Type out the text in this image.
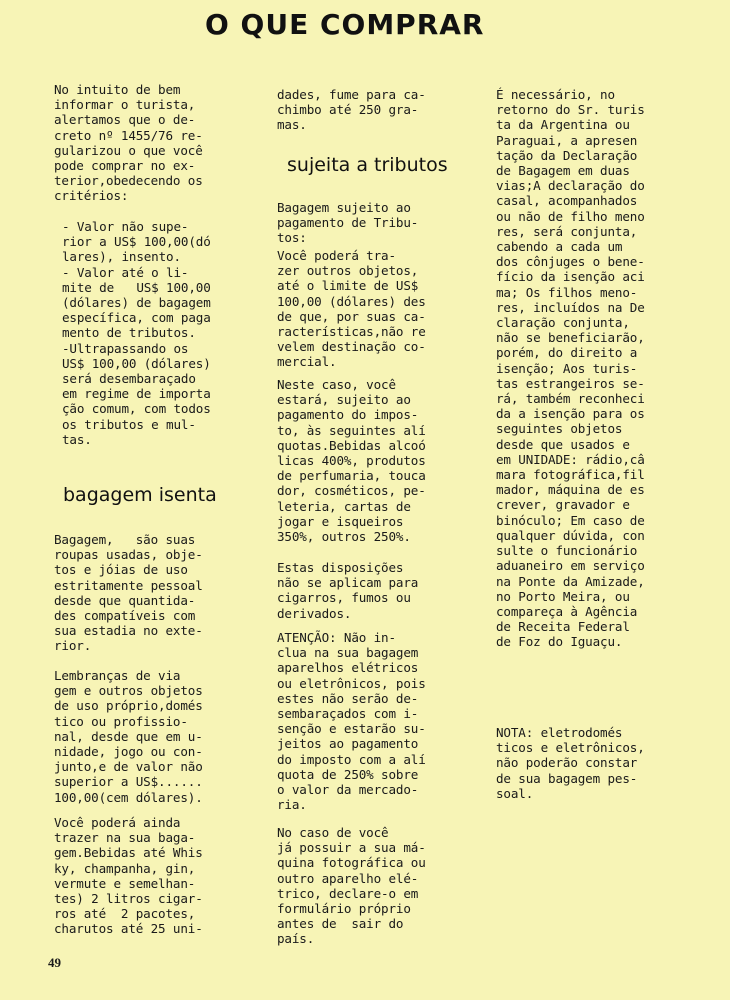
O QUE COMPRAR

No intuito de bem
informar o turista,
alertamos que o de-
creto nº 1455/76 re-
gularizou o que você
pode comprar no ex-
terior,obedecendo os
critérios:

- Valor não supe-
rior a US$ 100,00(dó
lares), insento.
- Valor até o li-
mite de   US$ 100,00
(dólares) de bagagem
específica, com paga
mento de tributos.
-Ultrapassando os
US$ 100,00 (dólares)
será desembaraçado
em regime de importa
ção comum, com todos
os tributos e mul-
tas.

Bagagem,   são suas
roupas usadas, obje-
tos e jóias de uso
estritamente pessoal
desde que quantida-
des compatíveis com
sua estadia no exte-
rior.

Lembranças de via
gem e outros objetos
de uso próprio,domés
tico ou profissio-
nal, desde que em u-
nidade, jogo ou con-
junto,e de valor não
superior a US$......
100,00(cem dólares).

Você poderá ainda
trazer na sua baga-
gem.Bebidas até Whis
ky, champanha, gin,
vermute e semelhan-
tes) 2 litros cigar-
ros até  2 pacotes,
charutos até 25 uni-

bagagem isenta

dades, fume para ca-
chimbo até 250 gra-
mas.

Bagagem sujeito ao
pagamento de Tribu-
tos:

Você poderá tra-
zer outros objetos,
até o limite de US$
100,00 (dólares) des
de que, por suas ca-
racterísticas,não re
velem destinação co-
mercial.

Neste caso, você
estará, sujeito ao
pagamento do impos-
to, às seguintes alí
quotas.Bebidas alcoó
licas 400%, produtos
de perfumaria, touca
dor, cosméticos, pe-
leteria, cartas de
jogar e isqueiros
350%, outros 250%.

Estas disposições
não se aplicam para
cigarros, fumos ou
derivados.

ATENÇÃO: Não in-
clua na sua bagagem
aparelhos elétricos
ou eletrônicos, pois
estes não serão de-
sembaraçados com i-
senção e estarão su-
jeitos ao pagamento
do imposto com a alí
quota de 250% sobre
o valor da mercado-
ria.

No caso de você
já possuir a sua má-
quina fotográfica ou
outro aparelho elé-
trico, declare-o em
formulário próprio
antes de  sair do
país.

sujeita a tributos

É necessário, no
retorno do Sr. turis
ta da Argentina ou
Paraguai, a apresen
tação da Declaração
de Bagagem em duas
vias;A declaração do
casal, acompanhados
ou não de filho meno
res, será conjunta,
cabendo a cada um
dos cônjuges o bene-
fício da isenção aci
ma; Os filhos meno-
res, incluídos na De
claração conjunta,
não se beneficiarão,
porém, do direito a
isenção; Aos turis-
tas estrangeiros se-
rá, também reconheci
da a isenção para os
seguintes objetos
desde que usados e
em UNIDADE: rádio,câ
mara fotográfica,fil
mador, máquina de es
crever, gravador e
binóculo; Em caso de
qualquer dúvida, con
sulte o funcionário
aduaneiro em serviço
na Ponte da Amizade,
no Porto Meira, ou
compareça à Agência
de Receita Federal
de Foz do Iguaçu.

NOTA: eletrodomés
ticos e eletrônicos,
não poderão constar
de sua bagagem pes-
soal.

49
